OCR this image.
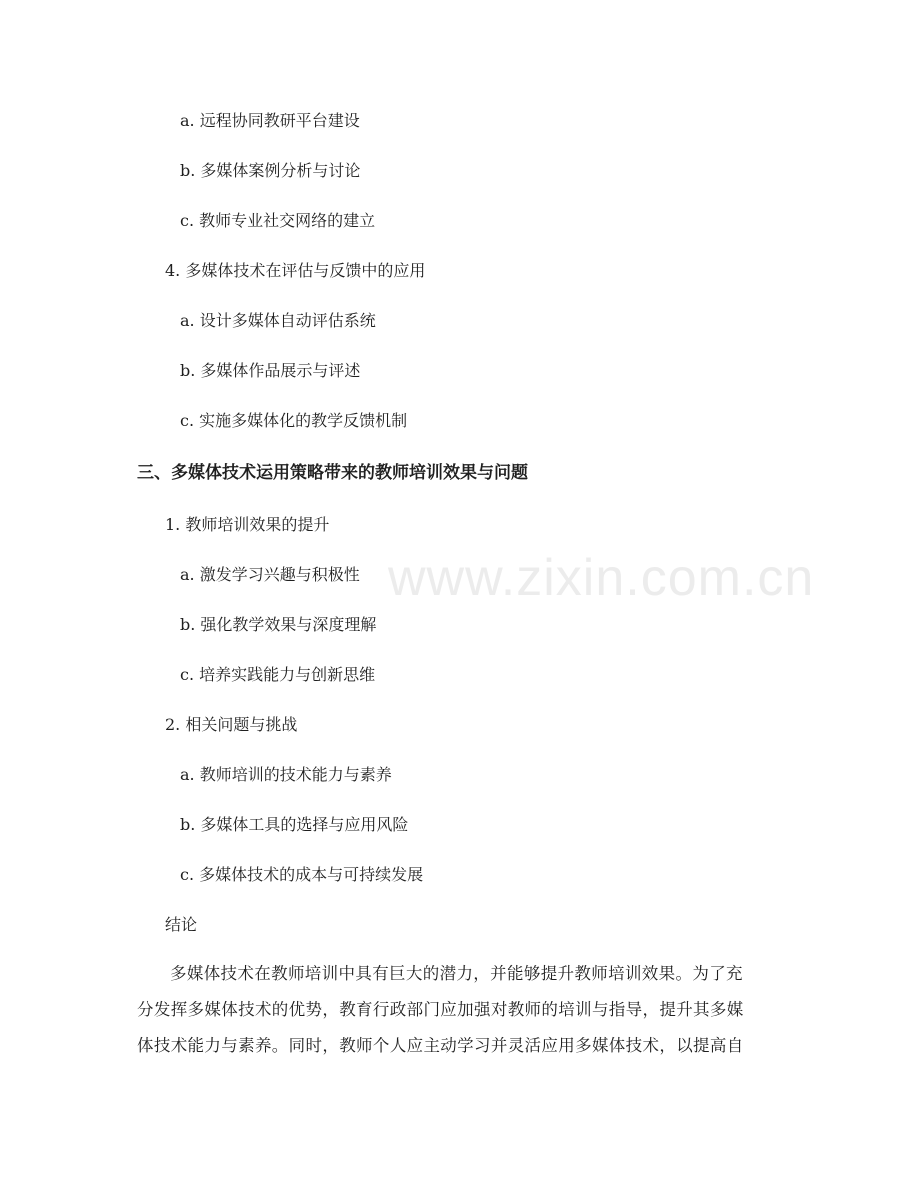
www.zixin.com.cn
a. 远程协同教研平台建设
b. 多媒体案例分析与讨论
c. 教师专业社交网络的建立
4. 多媒体技术在评估与反馈中的应用
a. 设计多媒体自动评估系统
b. 多媒体作品展示与评述
c. 实施多媒体化的教学反馈机制
三、多媒体技术运用策略带来的教师培训效果与问题
1. 教师培训效果的提升
a. 激发学习兴趣与积极性
b. 强化教学效果与深度理解
c. 培养实践能力与创新思维
2. 相关问题与挑战
a. 教师培训的技术能力与素养
b. 多媒体工具的选择与应用风险
c. 多媒体技术的成本与可持续发展
结论
多媒体技术在教师培训中具有巨大的潜力，并能够提升教师培训效果。为了充
分发挥多媒体技术的优势，教育行政部门应加强对教师的培训与指导，提升其多媒
体技术能力与素养。同时，教师个人应主动学习并灵活应用多媒体技术，以提高自
